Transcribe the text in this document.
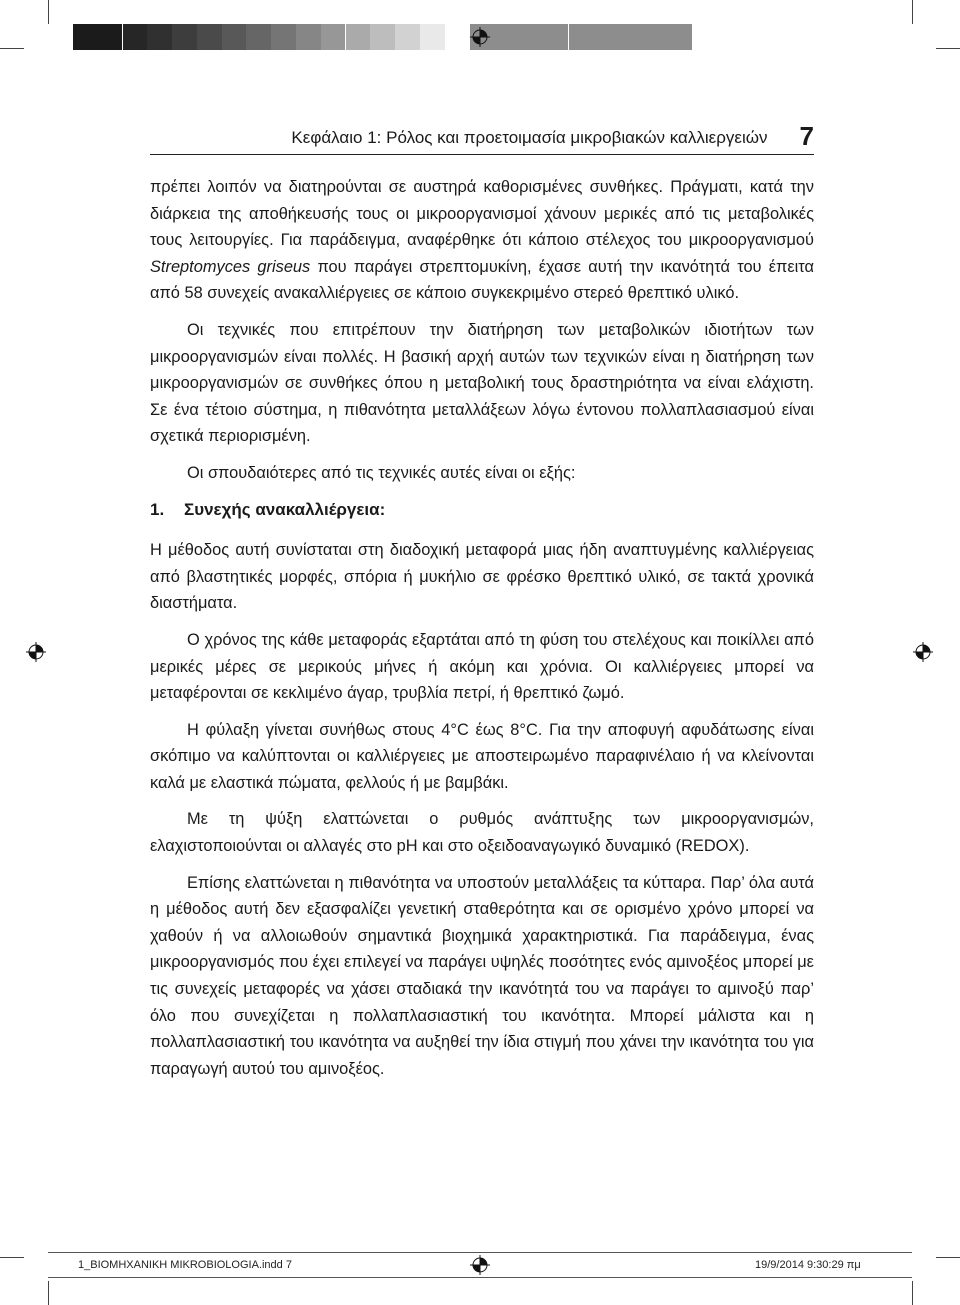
Κεφάλαιο 1: Ρόλος και προετοιμασία μικροβιακών καλλιεργειών 7

πρέπει λοιπόν να διατηρούνται σε αυστηρά καθορισμένες συνθήκες. Πράγματι, κατά την διάρκεια της αποθήκευσής τους οι μικροοργανισμοί χάνουν μερικές από τις μεταβολικές τους λειτουργίες. Για παράδειγμα, αναφέρθηκε ότι κάποιο στέλεχος του μικροοργανισμού Streptomyces griseus που παράγει στρεπτομυκίνη, έχασε αυτή την ικανότητά του έπειτα από 58 συνεχείς ανακαλλιέργειες σε κάποιο συγκεκριμένο στερεό θρεπτικό υλικό.

Οι τεχνικές που επιτρέπουν την διατήρηση των μεταβολικών ιδιοτήτων των μικροοργανισμών είναι πολλές. Η βασική αρχή αυτών των τεχνικών είναι η διατήρηση των μικροοργανισμών σε συνθήκες όπου η μεταβολική τους δραστηριότητα να είναι ελάχιστη. Σε ένα τέτοιο σύστημα, η πιθανότητα μεταλλάξεων λόγω έντονου πολλαπλασιασμού είναι σχετικά περιορισμένη.

Οι σπουδαιότερες από τις τεχνικές αυτές είναι οι εξής:

1. Συνεχής ανακαλλιέργεια:

Η μέθοδος αυτή συνίσταται στη διαδοχική μεταφορά μιας ήδη αναπτυγμένης καλλιέργειας από βλαστητικές μορφές, σπόρια ή μυκήλιο σε φρέσκο θρεπτικό υλικό, σε τακτά χρονικά διαστήματα.

Ο χρόνος της κάθε μεταφοράς εξαρτάται από τη φύση του στελέχους και ποικίλλει από μερικές μέρες σε μερικούς μήνες ή ακόμη και χρόνια. Οι καλλιέργειες μπορεί να μεταφέρονται σε κεκλιμένο άγαρ, τρυβλία πετρί, ή θρεπτικό ζωμό.

Η φύλαξη γίνεται συνήθως στους 4°C έως 8°C. Για την αποφυγή αφυδάτωσης είναι σκόπιμο να καλύπτονται οι καλλιέργειες με αποστειρωμένο παραφινέλαιο ή να κλείνονται καλά με ελαστικά πώματα, φελλούς ή με βαμβάκι.

Με τη ψύξη ελαττώνεται ο ρυθμός ανάπτυξης των μικροοργανισμών, ελαχιστοποιούνται οι αλλαγές στο pH και στο οξειδοαναγωγικό δυναμικό (REDOX).

Επίσης ελαττώνεται η πιθανότητα να υποστούν μεταλλάξεις τα κύτταρα. Παρ’ όλα αυτά η μέθοδος αυτή δεν εξασφαλίζει γενετική σταθερότητα και σε ορισμένο χρόνο μπορεί να χαθούν ή να αλλοιωθούν σημαντικά βιοχημικά χαρακτηριστικά. Για παράδειγμα, ένας μικροοργανισμός που έχει επιλεγεί να παράγει υψηλές ποσότητες ενός αμινοξέος μπορεί με τις συνεχείς μεταφορές να χάσει σταδιακά την ικανότητά του να παράγει το αμινοξύ παρ’ όλο που συνεχίζεται η πολλαπλασιαστική του ικανότητα. Μπορεί μάλιστα και η πολλαπλασιαστική του ικανότητα να αυξηθεί την ίδια στιγμή που χάνει την ικανότητα του για παραγωγή αυτού του αμινοξέος.

1_ΒΙΟΜΗΧΑΝΙΚΗ ΜΙΚROBIOLOGIA.indd 7	19/9/2014 9:30:29 πμ
